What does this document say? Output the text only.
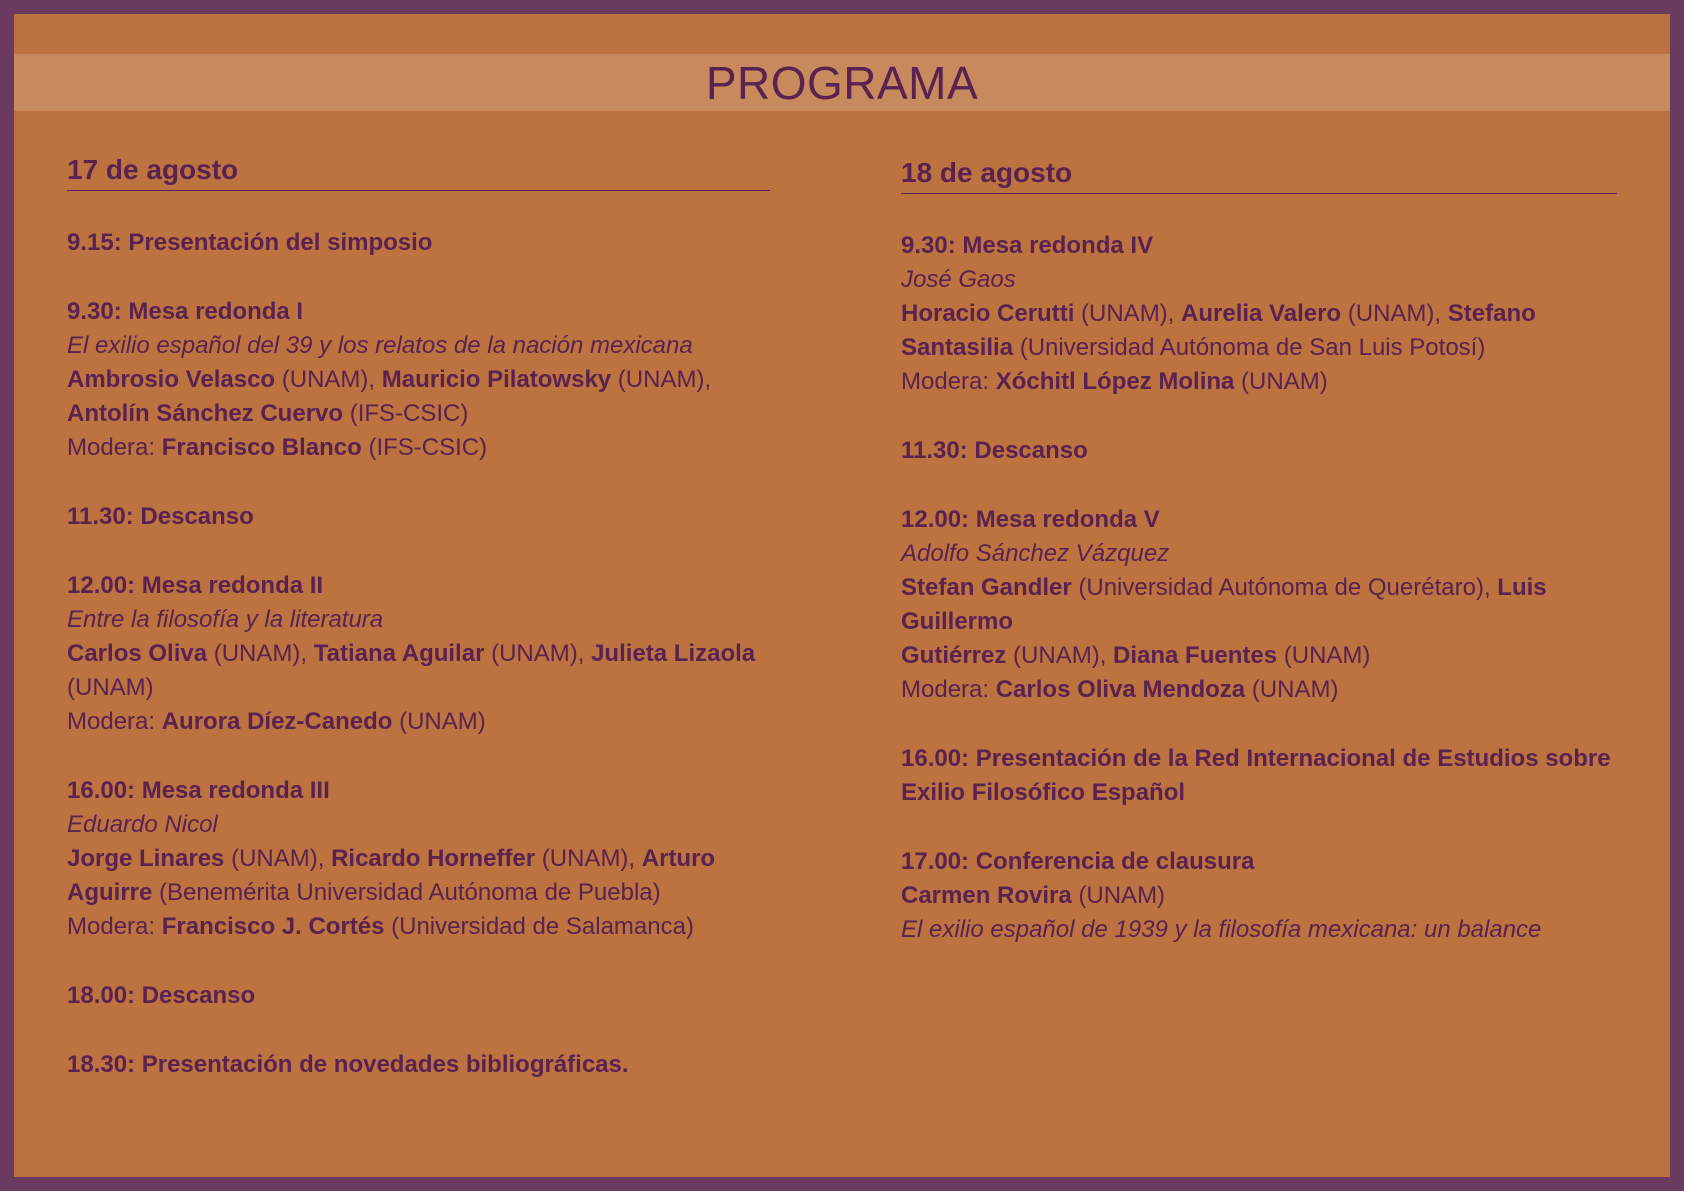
PROGRAMA
17 de agosto
9.15: Presentación del simposio
9.30: Mesa redonda I
El exilio español del 39 y los relatos de la nación mexicana
Ambrosio Velasco (UNAM), Mauricio Pilatowsky (UNAM),
Antolín Sánchez Cuervo (IFS-CSIC)
Modera: Francisco Blanco (IFS-CSIC)
11.30: Descanso
12.00: Mesa redonda II
Entre la filosofía y la literatura
Carlos Oliva (UNAM), Tatiana Aguilar (UNAM), Julieta Lizaola
(UNAM)
Modera: Aurora Díez-Canedo (UNAM)
16.00: Mesa redonda III
Eduardo Nicol
Jorge Linares (UNAM), Ricardo Horneffer (UNAM), Arturo
Aguirre (Benemérita Universidad Autónoma de Puebla)
Modera: Francisco J. Cortés (Universidad de Salamanca)
18.00: Descanso
18.30: Presentación de novedades bibliográficas.
18 de agosto
9.30: Mesa redonda IV
José Gaos
Horacio Cerutti (UNAM), Aurelia Valero (UNAM), Stefano
Santasilia (Universidad Autónoma de San Luis Potosí)
Modera: Xóchitl López Molina (UNAM)
11.30: Descanso
12.00: Mesa redonda V
Adolfo Sánchez Vázquez
Stefan Gandler (Universidad Autónoma de Querétaro), Luis Guillermo
Gutiérrez (UNAM), Diana Fuentes (UNAM)
Modera: Carlos Oliva Mendoza (UNAM)
16.00: Presentación de la Red Internacional de Estudios sobre Exilio Filosófico Español
17.00: Conferencia de clausura
Carmen Rovira (UNAM)
El exilio español de 1939 y la filosofía mexicana: un balance
